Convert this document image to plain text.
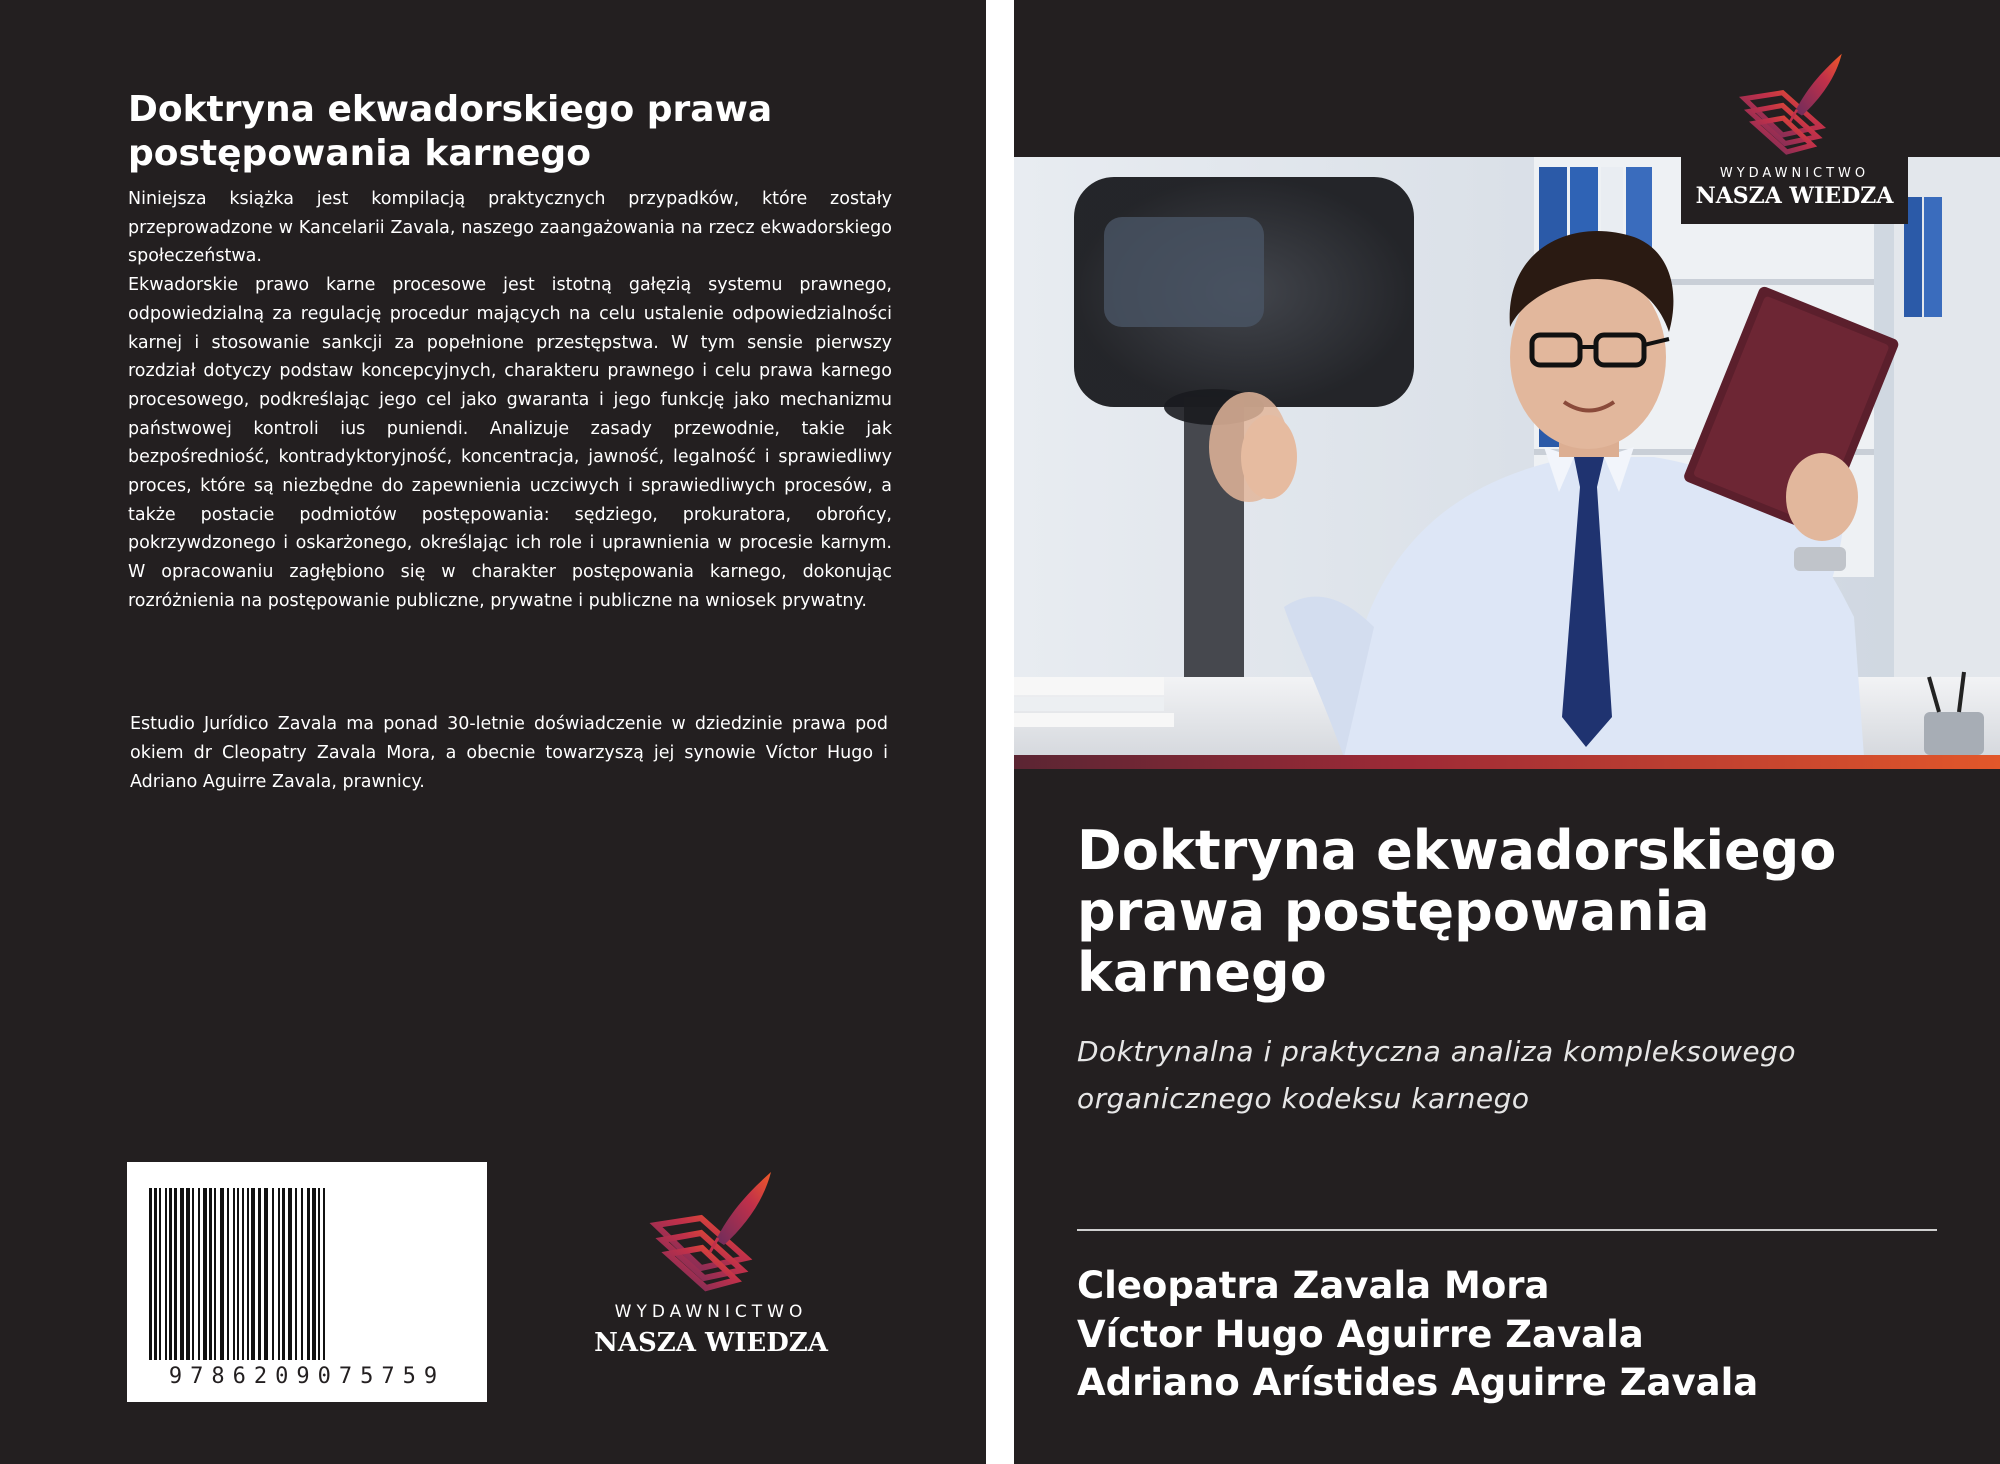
Doktryna ekwadorskiego prawa postępowania karnego

Niniejsza książka jest kompilacją praktycznych przypadków, które zostały przeprowadzone w Kancelarii Zavala, naszego zaangażowania na rzecz ekwadorskiego społeczeństwa.

Ekwadorskie prawo karne procesowe jest istotną gałęzią systemu prawnego, odpowiedzialną za regulację procedur mających na celu ustalenie odpowiedzialności karnej i stosowanie sankcji za popełnione przestępstwa. W tym sensie pierwszy rozdział dotyczy podstaw koncepcyjnych, charakteru prawnego i celu prawa karnego procesowego, podkreślając jego cel jako gwaranta i jego funkcję jako mechanizmu państwowej kontroli ius puniendi. Analizuje zasady przewodnie, takie jak bezpośredniość, kontradyktoryjność, koncentracja, jawność, legalność i sprawiedliwy proces, które są niezbędne do zapewnienia uczciwych i sprawiedliwych procesów, a także postacie podmiotów postępowania: sędziego, prokuratora, obrońcy, pokrzywdzonego i oskarżonego, określając ich role i uprawnienia w procesie karnym. W opracowaniu zagłębiono się w charakter postępowania karnego, dokonując rozróżnienia na postępowanie publiczne, prywatne i publiczne na wniosek prywatny.

Estudio Jurídico Zavala ma ponad 30-letnie doświadczenie w dziedzinie prawa pod okiem dr Cleopatry Zavala Mora, a obecnie towarzyszą jej synowie Víctor Hugo i Adriano Aguirre Zavala, prawnicy.

9786209075759
WYDAWNICTWO
NASZA WIEDZA
WYDAWNICTWO
NASZA WIEDZA
Doktryna ekwadorskiego prawa postępowania karnego

Doktrynalna i praktyczna analiza kompleksowego organicznego kodeksu karnego

Cleopatra Zavala Mora
Víctor Hugo Aguirre Zavala
Adriano Arístides Aguirre Zavala
